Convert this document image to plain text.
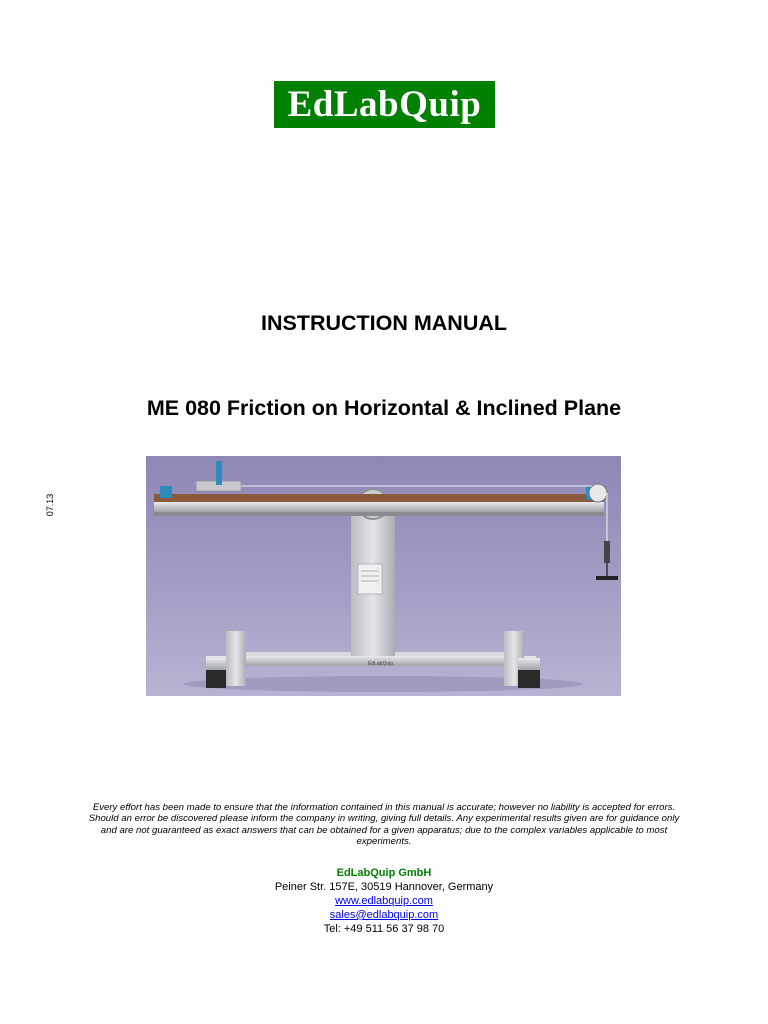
EdLabQuip
INSTRUCTION MANUAL
ME 080 Friction on Horizontal & Inclined Plane
07.13
EdLabQuip
Every effort has been made to ensure that the information contained in this manual is accurate; however no liability is accepted for errors. Should an error be discovered please inform the company in writing, giving full details. Any experimental results given are for guidance only and are not guaranteed as exact answers that can be obtained for a given apparatus; due to the complex variables applicable to most experiments.
EdLabQuip GmbH
Peiner Str. 157E, 30519 Hannover, Germany
www.edlabquip.com
sales@edlabquip.com
Tel: +49 511 56 37 98 70
